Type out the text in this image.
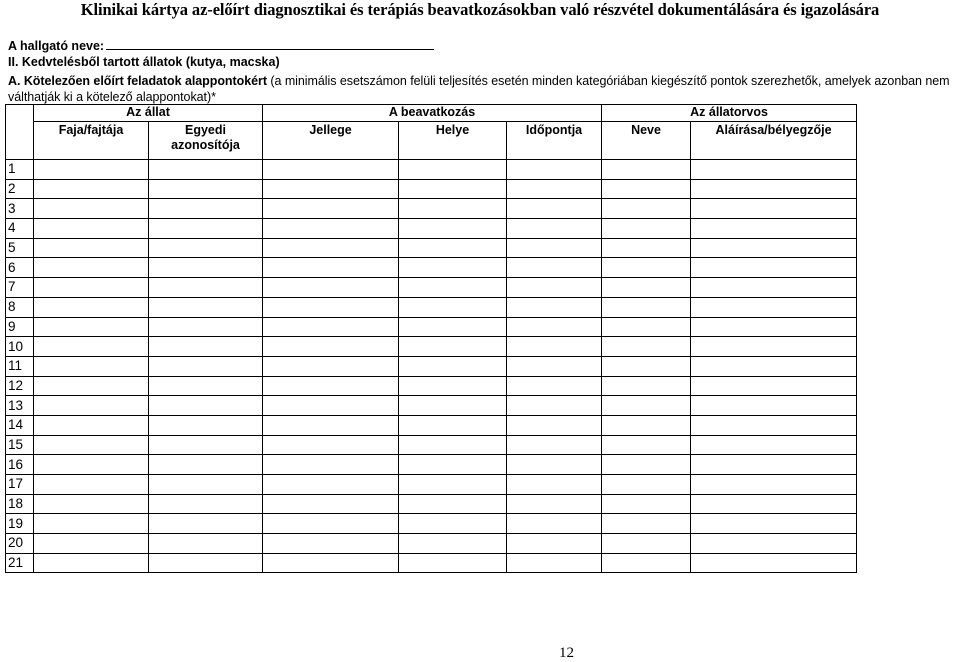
Klinikai kártya az-előírt diagnosztikai és terápiás beavatkozásokban való részvétel dokumentálására és igazolására
A hallgató neve:
II. Kedvtelésből tartott állatok (kutya, macska)
A. Kötelezően előírt feladatok alappontokért (a minimális esetszámon felüli teljesítés esetén minden kategóriában kiegészítő pontok szerezhetők, amelyek azonban nem válthatják ki a kötelező alappontokat)*
	Az állat		A beavatkozás			Az állatorvos	
	Faja/fajtája	Egyedi azonosítója	Jellege	Helye	Időpontja	Neve	Aláírása/bélyegzője
1							
2							
3							
4							
5							
6							
7							
8							
9							
10							
11							
12							
13							
14							
15							
16							
17							
18							
19							
20							
21							
12
